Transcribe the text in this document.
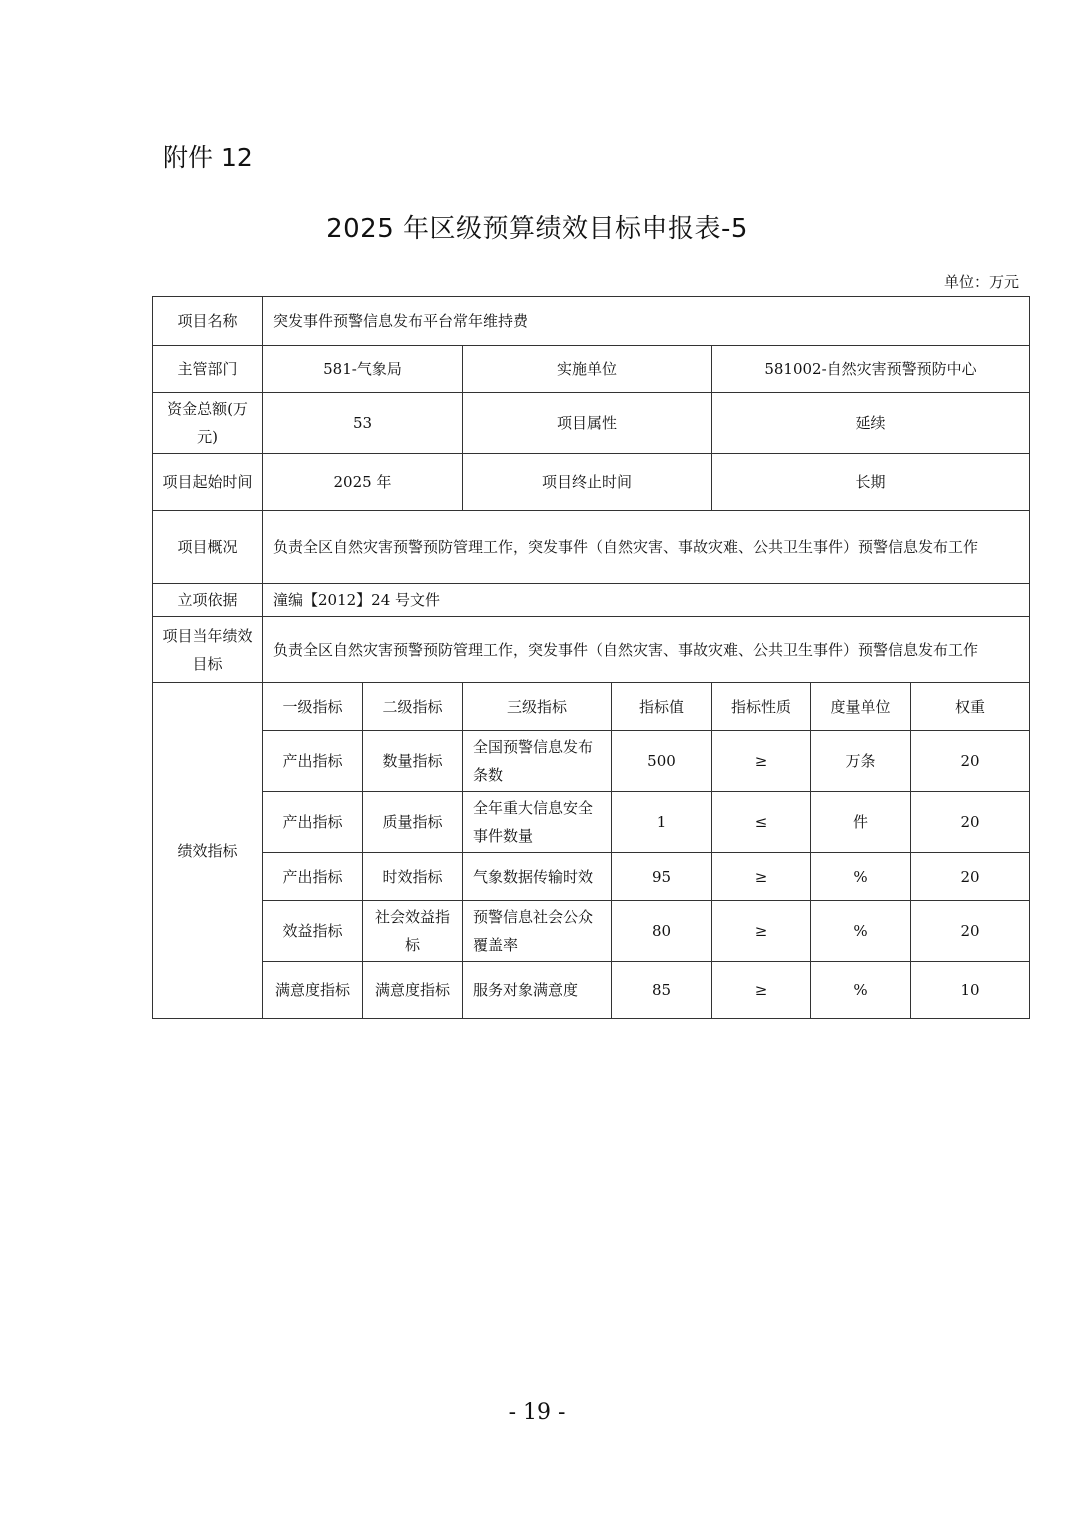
附件 12
2025 年区级预算绩效目标申报表-5
单位：万元
项目名称	突发事件预警信息发布平台常年维持费						
主管部门	581-气象局		实施单位		581002-自然灾害预警预防中心		
资金总额(万元)	53		项目属性		延续		
项目起始时间	2025 年		项目终止时间		长期		
项目概况	负责全区自然灾害预警预防管理工作，突发事件（自然灾害、事故灾难、公共卫生事件）预警信息发布工作						
立项依据	潼编【2012】24 号文件						
项目当年绩效目标	负责全区自然灾害预警预防管理工作，突发事件（自然灾害、事故灾难、公共卫生事件）预警信息发布工作						
绩效指标	一级指标	二级指标	三级指标	指标值	指标性质	度量单位	权重
	产出指标	数量指标	全国预警信息发布条数	500	≥	万条	20
	产出指标	质量指标	全年重大信息安全事件数量	1	≤	件	20
	产出指标	时效指标	气象数据传输时效	95	≥	%	20
	效益指标	社会效益指标	预警信息社会公众覆盖率	80	≥	%	20
	满意度指标	满意度指标	服务对象满意度	85	≥	%	10
- 19 -
